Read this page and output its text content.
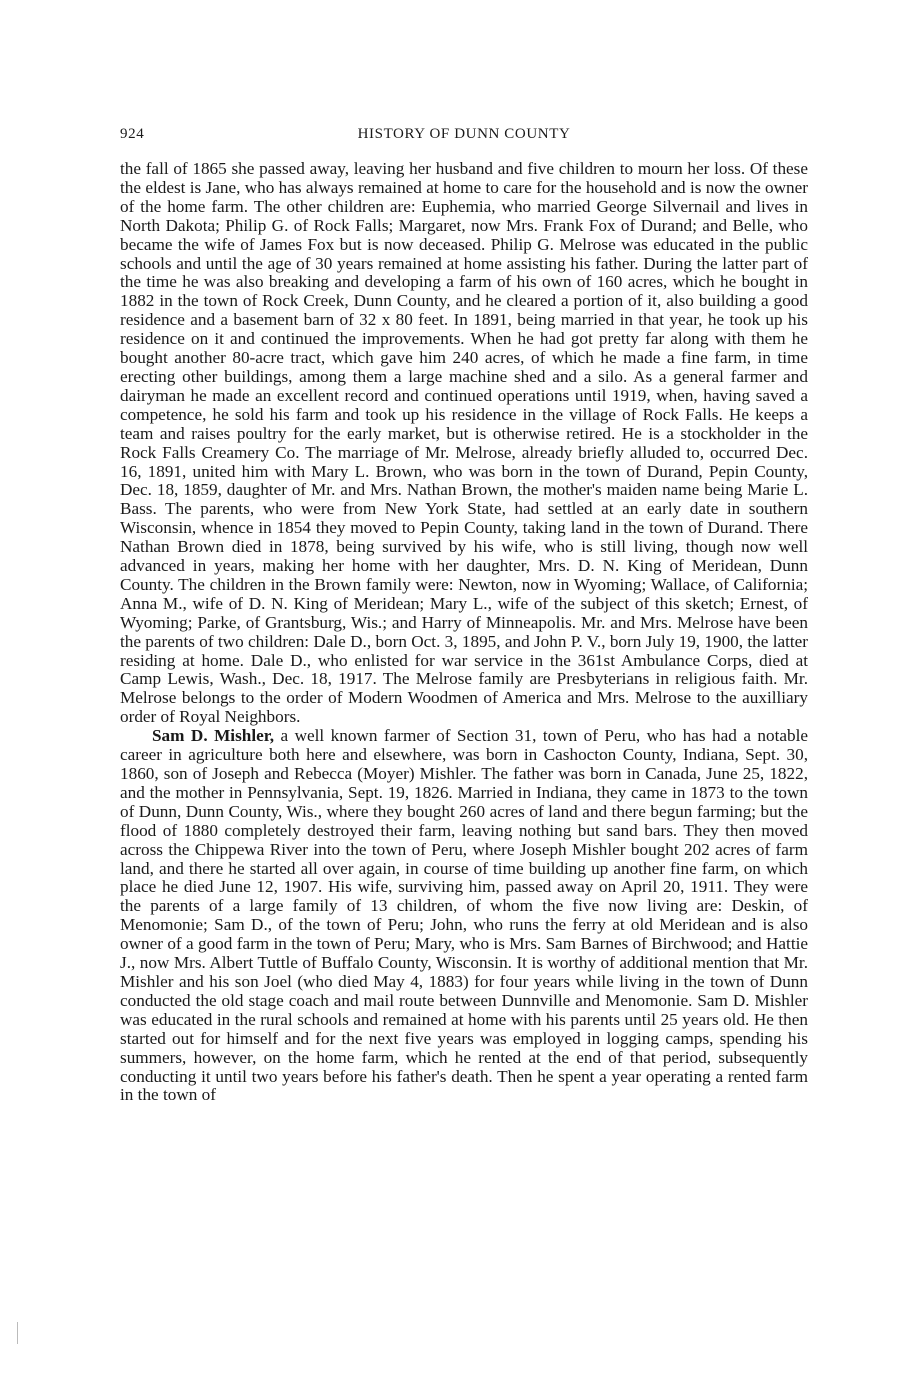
924	HISTORY OF DUNN COUNTY

the fall of 1865 she passed away, leaving her husband and five children to mourn her loss. Of these the eldest is Jane, who has always remained at home to care for the household and is now the owner of the home farm. The other children are: Euphemia, who married George Silvernail and lives in North Dakota; Philip G. of Rock Falls; Margaret, now Mrs. Frank Fox of Durand; and Belle, who became the wife of James Fox but is now deceased. Philip G. Melrose was educated in the public schools and until the age of 30 years remained at home assisting his father. During the latter part of the time he was also breaking and developing a farm of his own of 160 acres, which he bought in 1882 in the town of Rock Creek, Dunn County, and he cleared a portion of it, also building a good residence and a basement barn of 32 x 80 feet. In 1891, being married in that year, he took up his residence on it and continued the improvements. When he had got pretty far along with them he bought another 80-acre tract, which gave him 240 acres, of which he made a fine farm, in time erecting other buildings, among them a large machine shed and a silo. As a general farmer and dairyman he made an excellent record and continued operations until 1919, when, having saved a competence, he sold his farm and took up his residence in the village of Rock Falls. He keeps a team and raises poultry for the early market, but is otherwise retired. He is a stockholder in the Rock Falls Creamery Co. The marriage of Mr. Melrose, already briefly alluded to, occurred Dec. 16, 1891, united him with Mary L. Brown, who was born in the town of Durand, Pepin County, Dec. 18, 1859, daughter of Mr. and Mrs. Nathan Brown, the mother's maiden name being Marie L. Bass. The parents, who were from New York State, had settled at an early date in southern Wisconsin, whence in 1854 they moved to Pepin County, taking land in the town of Durand. There Nathan Brown died in 1878, being survived by his wife, who is still living, though now well advanced in years, making her home with her daughter, Mrs. D. N. King of Meridean, Dunn County. The children in the Brown family were: Newton, now in Wyoming; Wallace, of California; Anna M., wife of D. N. King of Meridean; Mary L., wife of the subject of this sketch; Ernest, of Wyoming; Parke, of Grantsburg, Wis.; and Harry of Minneapolis. Mr. and Mrs. Melrose have been the parents of two children: Dale D., born Oct. 3, 1895, and John P. V., born July 19, 1900, the latter residing at home. Dale D., who enlisted for war service in the 361st Ambulance Corps, died at Camp Lewis, Wash., Dec. 18, 1917. The Melrose family are Presbyterians in religious faith. Mr. Melrose belongs to the order of Modern Woodmen of America and Mrs. Melrose to the auxilliary order of Royal Neighbors.

Sam D. Mishler, a well known farmer of Section 31, town of Peru, who has had a notable career in agriculture both here and elsewhere, was born in Cashocton County, Indiana, Sept. 30, 1860, son of Joseph and Rebecca (Moyer) Mishler. The father was born in Canada, June 25, 1822, and the mother in Pennsylvania, Sept. 19, 1826. Married in Indiana, they came in 1873 to the town of Dunn, Dunn County, Wis., where they bought 260 acres of land and there begun farming; but the flood of 1880 completely destroyed their farm, leaving nothing but sand bars. They then moved across the Chippewa River into the town of Peru, where Joseph Mishler bought 202 acres of farm land, and there he started all over again, in course of time building up another fine farm, on which place he died June 12, 1907. His wife, surviving him, passed away on April 20, 1911. They were the parents of a large family of 13 children, of whom the five now living are: Deskin, of Menomonie; Sam D., of the town of Peru; John, who runs the ferry at old Meridean and is also owner of a good farm in the town of Peru; Mary, who is Mrs. Sam Barnes of Birchwood; and Hattie J., now Mrs. Albert Tuttle of Buffalo County, Wisconsin. It is worthy of additional mention that Mr. Mishler and his son Joel (who died May 4, 1883) for four years while living in the town of Dunn conducted the old stage coach and mail route between Dunnville and Menomonie. Sam D. Mishler was educated in the rural schools and remained at home with his parents until 25 years old. He then started out for himself and for the next five years was employed in logging camps, spending his summers, however, on the home farm, which he rented at the end of that period, subsequently conducting it until two years before his father's death. Then he spent a year operating a rented farm in the town of
